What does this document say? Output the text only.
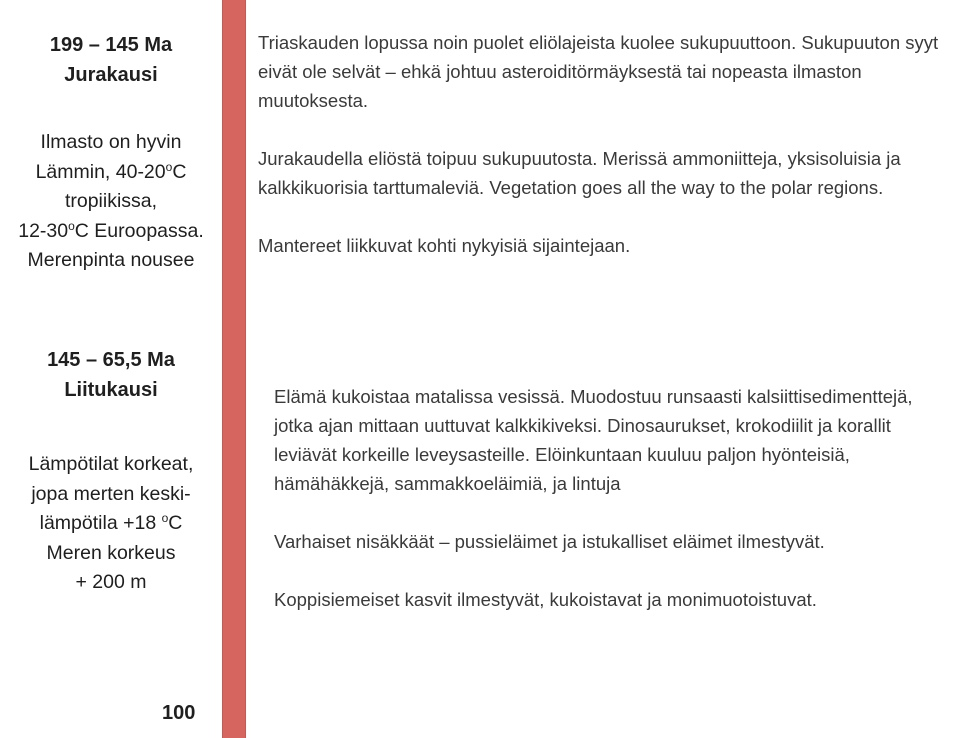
199 – 145 Ma
Jurakausi
Ilmasto on hyvin
Lämmin, 40-20$^o$C
tropiikissa,
12-30$^o$C Euroopassa.
Merenpinta nousee
Triaskauden lopussa noin puolet eliölajeista kuolee sukupuuttoon. Sukupuuton syyt eivät ole selvät – ehkä johtuu asteroiditörmäyksestä tai nopeasta ilmaston muutoksesta.
Jurakaudella eliöstä toipuu sukupuutosta. Merissä ammoniitteja, yksisoluisia ja kalkkikuorisia tarttumaleviä. Vegetation goes all the way to the polar regions.
Mantereet liikkuvat kohti nykyisiä sijaintejaan.
145 – 65,5 Ma
Liitukausi
Lämpötilat korkeat,
jopa merten keski-
lämpötila +18 $^o$C
Meren korkeus
+ 200 m
Elämä kukoistaa matalissa vesissä. Muodostuu runsaasti kalsiittisedimenttejä, jotka ajan mittaan uuttuvat kalkkikiveksi. Dinosaurukset, krokodiilit ja korallit leviävät korkeille leveysasteille. Elöinkuntaan kuuluu paljon hyönteisiä, hämähäkkejä, sammakkoeläimiä, ja lintuja
Varhaiset nisäkkäät – pussieläimet ja istukalliset eläimet ilmestyvät.
Koppisiemeiset kasvit ilmestyvät, kukoistavat ja monimuotoistuvat.
100
